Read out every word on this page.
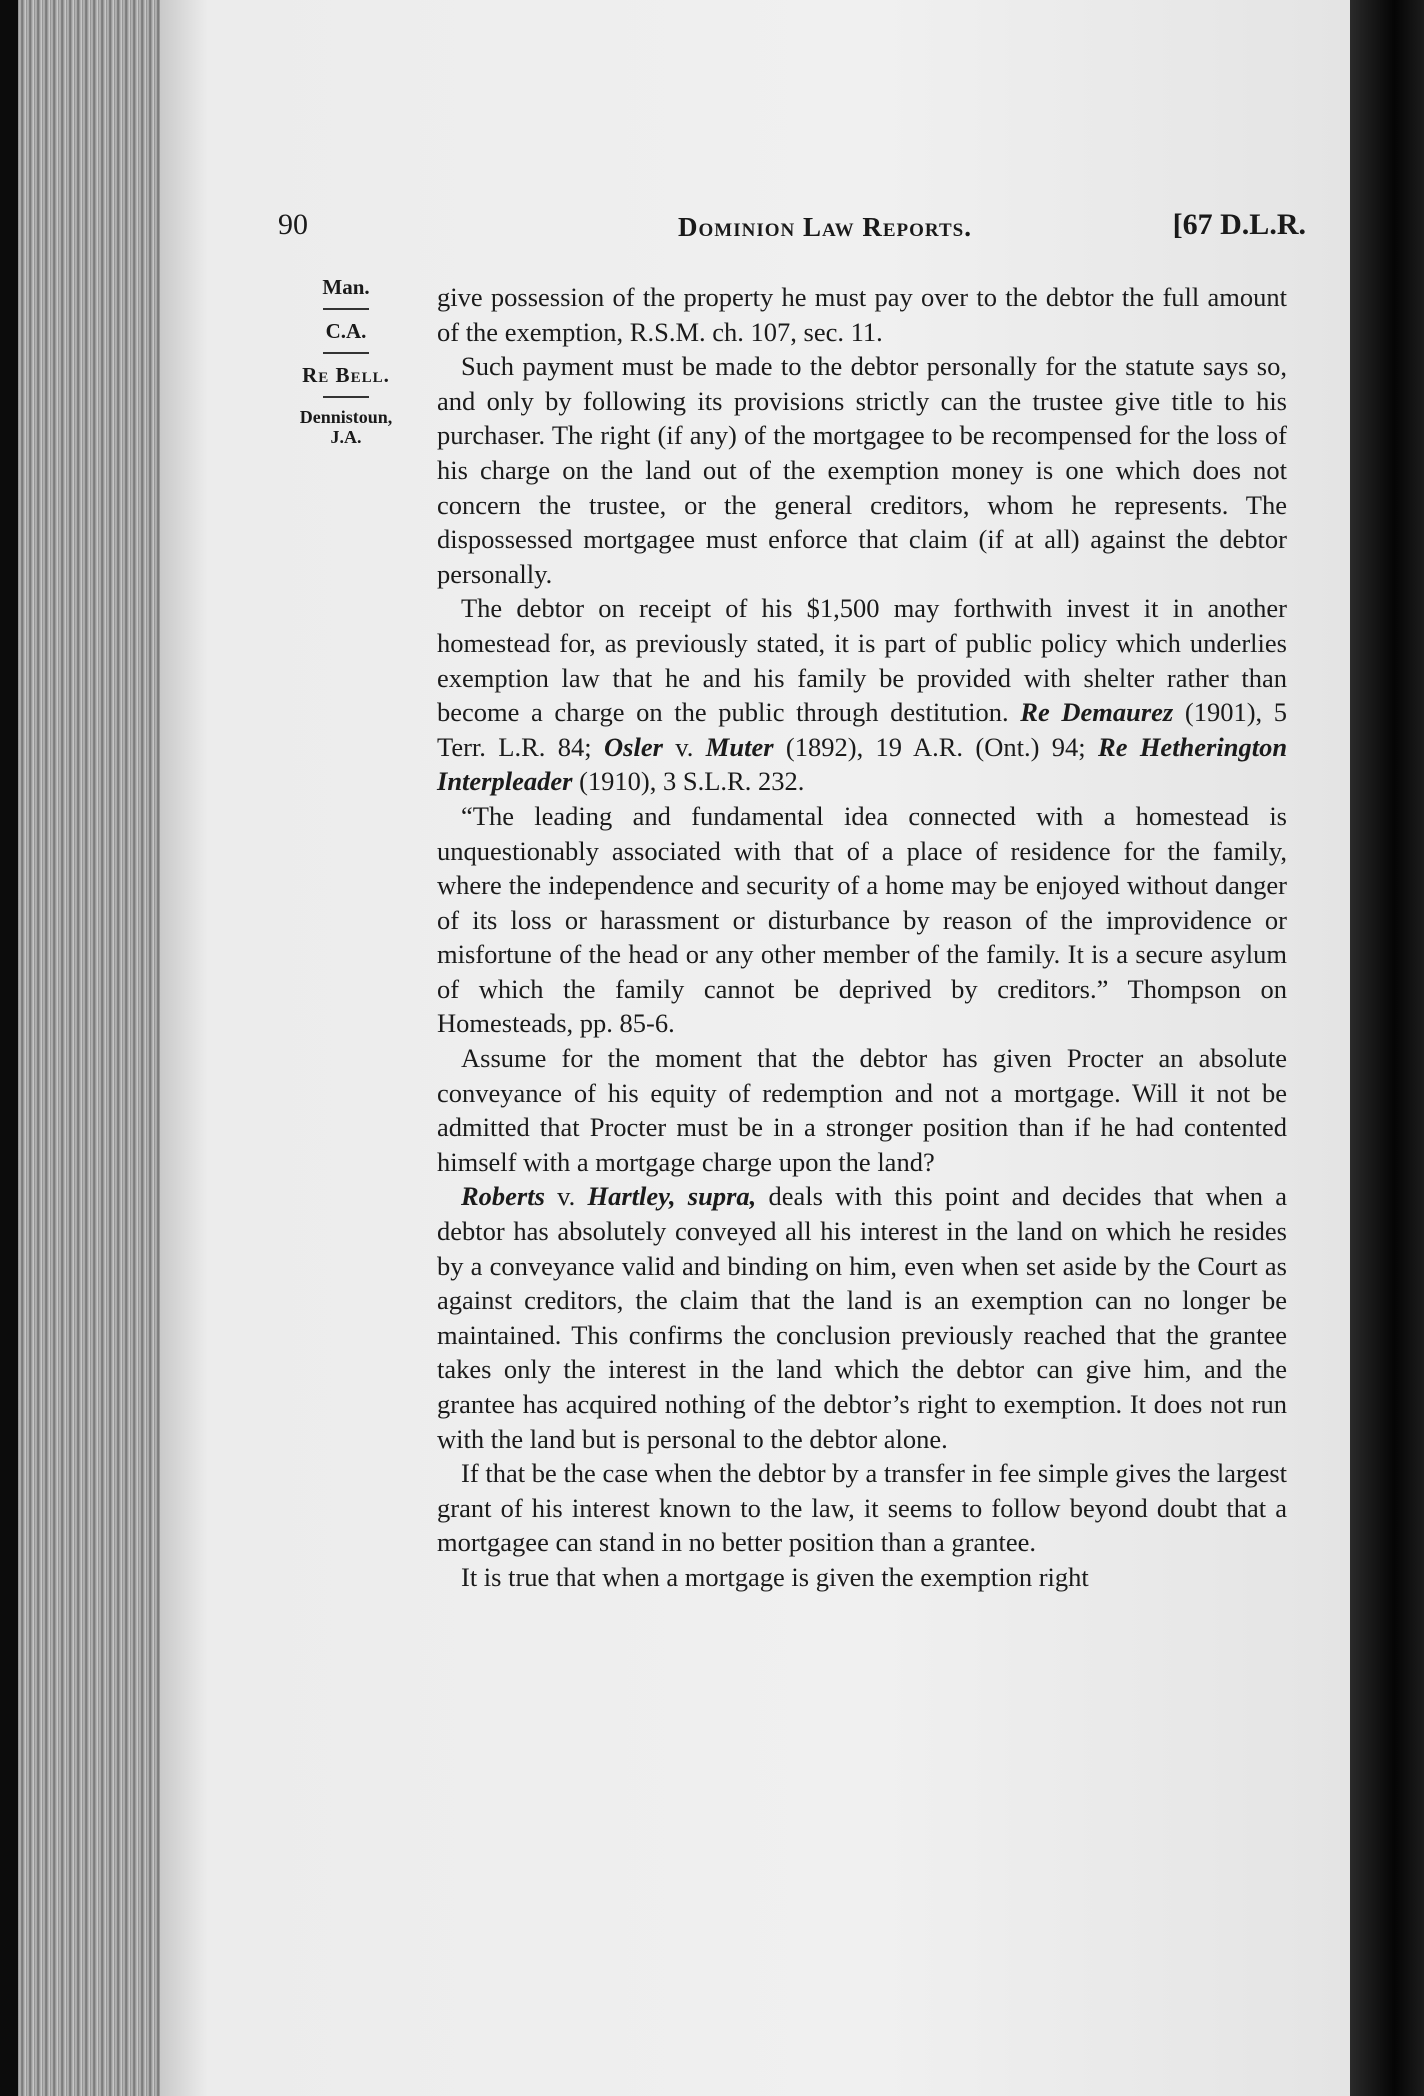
90	Dominion Law Reports.	[67 D.L.R.
Man.
C.A.
Re Bell.
Dennistoun,
J.A.

give possession of the property he must pay over to the debtor the full amount of the exemption, R.S.M. ch. 107, sec. 11.

Such payment must be made to the debtor personally for the statute says so, and only by following its provisions strictly can the trustee give title to his purchaser. The right (if any) of the mortgagee to be recompensed for the loss of his charge on the land out of the exemption money is one which does not concern the trustee, or the general creditors, whom he represents. The dispossessed mortgagee must enforce that claim (if at all) against the debtor personally.

The debtor on receipt of his $1,500 may forthwith invest it in another homestead for, as previously stated, it is part of public policy which underlies exemption law that he and his family be provided with shelter rather than become a charge on the public through destitution. Re Demaurez (1901), 5 Terr. L.R. 84; Osler v. Muter (1892), 19 A.R. (Ont.) 94; Re Hetherington Interpleader (1910), 3 S.L.R. 232.

“The leading and fundamental idea connected with a homestead is unquestionably associated with that of a place of residence for the family, where the independence and security of a home may be enjoyed without danger of its loss or harassment or disturbance by reason of the improvidence or misfortune of the head or any other member of the family. It is a secure asylum of which the family cannot be deprived by creditors.” Thompson on Homesteads, pp. 85-6.

Assume for the moment that the debtor has given Procter an absolute conveyance of his equity of redemption and not a mortgage. Will it not be admitted that Procter must be in a stronger position than if he had contented himself with a mortgage charge upon the land?

Roberts v. Hartley, supra, deals with this point and decides that when a debtor has absolutely conveyed all his interest in the land on which he resides by a conveyance valid and binding on him, even when set aside by the Court as against creditors, the claim that the land is an exemption can no longer be maintained. This confirms the conclusion previously reached that the grantee takes only the interest in the land which the debtor can give him, and the grantee has acquired nothing of the debtor’s right to exemption. It does not run with the land but is personal to the debtor alone.

If that be the case when the debtor by a transfer in fee simple gives the largest grant of his interest known to the law, it seems to follow beyond doubt that a mortgagee can stand in no better position than a grantee.

It is true that when a mortgage is given the exemption right
